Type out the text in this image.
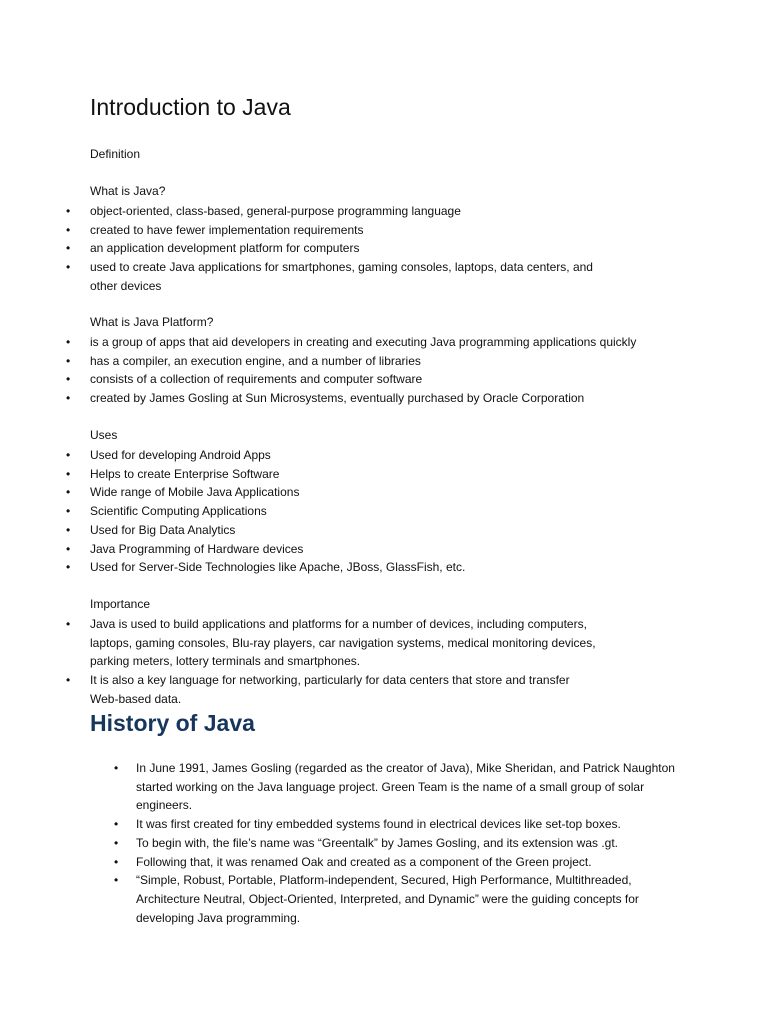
Introduction to Java

Definition

What is Java?

• object-oriented, class-based, general-purpose programming language
• created to have fewer implementation requirements
• an application development platform for computers
• used to create Java applications for smartphones, gaming consoles, laptops, data centers, and other devices

What is Java Platform?

• is a group of apps that aid developers in creating and executing Java programming applications quickly
• has a compiler, an execution engine, and a number of libraries
• consists of a collection of requirements and computer software
• created by James Gosling at Sun Microsystems, eventually purchased by Oracle Corporation

Uses

• Used for developing Android Apps
• Helps to create Enterprise Software
• Wide range of Mobile Java Applications
• Scientific Computing Applications
• Used for Big Data Analytics
• Java Programming of Hardware devices
• Used for Server-Side Technologies like Apache, JBoss, GlassFish, etc.

Importance

• Java is used to build applications and platforms for a number of devices, including computers, laptops, gaming consoles, Blu-ray players, car navigation systems, medical monitoring devices, parking meters, lottery terminals and smartphones.
• It is also a key language for networking, particularly for data centers that store and transfer Web-based data.
History of Java
• In June 1991, James Gosling (regarded as the creator of Java), Mike Sheridan, and Patrick Naughton started working on the Java language project. Green Team is the name of a small group of solar engineers.
• It was first created for tiny embedded systems found in electrical devices like set-top boxes.
• To begin with, the file’s name was “Greentalk” by James Gosling, and its extension was .gt.
• Following that, it was renamed Oak and created as a component of the Green project.
• “Simple, Robust, Portable, Platform-independent, Secured, High Performance, Multithreaded, Architecture Neutral, Object-Oriented, Interpreted, and Dynamic” were the guiding concepts for developing Java programming.
